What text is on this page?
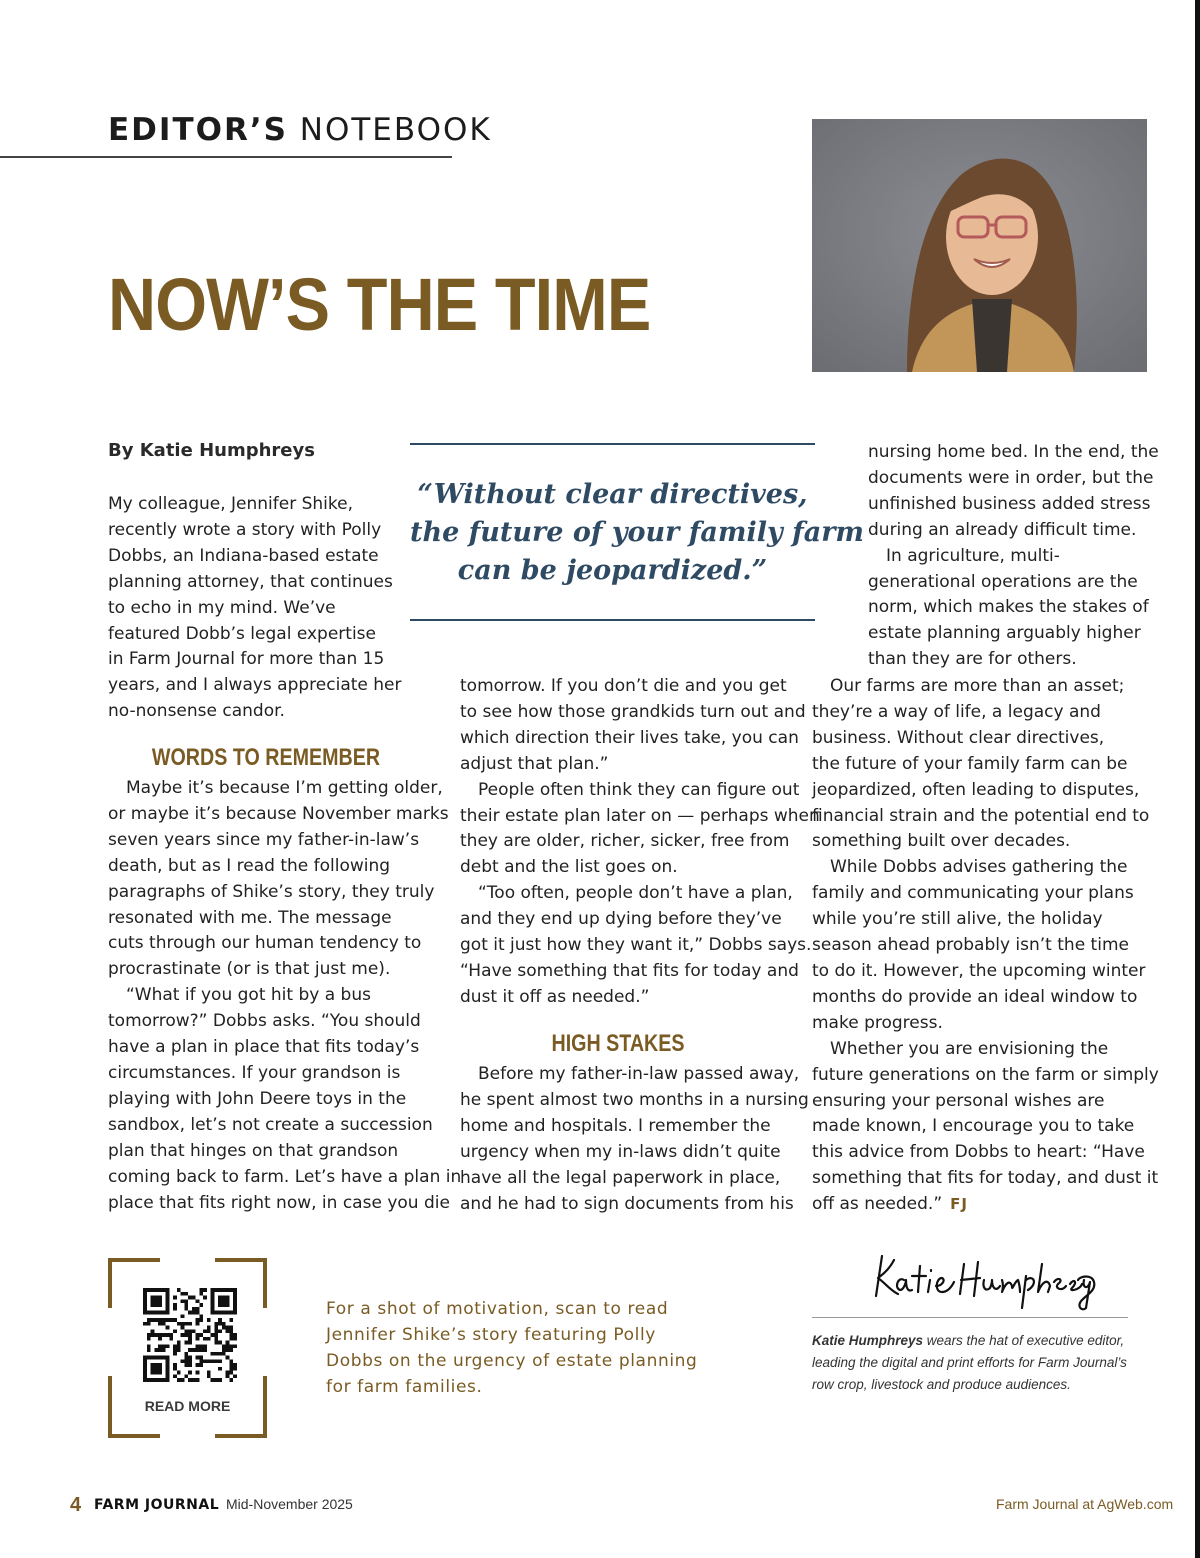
EDITOR’S NOTEBOOK
NOW’S THE TIME
By Katie Humphreys

My colleague, Jennifer Shike,

recently wrote a story with Polly

Dobbs, an Indiana-based estate

planning attorney, that continues

to echo in my mind. We’ve

featured Dobb’s legal expertise

in Farm Journal for more than 15

years, and I always appreciate her

no-nonsense candor.

WORDS TO REMEMBER

Maybe it’s because I’m getting older,

or maybe it’s because November marks

seven years since my father-in-law’s

death, but as I read the following

paragraphs of Shike’s story, they truly

resonated with me. The message

cuts through our human tendency to

procrastinate (or is that just me).

“What if you got hit by a bus

tomorrow?” Dobbs asks. “You should

have a plan in place that fits today’s

circumstances. If your grandson is

playing with John Deere toys in the

sandbox, let’s not create a succession

plan that hinges on that grandson

coming back to farm. Let’s have a plan in

place that fits right now, in case you die

“Without clear directives,
the future of your family farm
can be jeopardized.”

tomorrow. If you don’t die and you get

to see how those grandkids turn out and

which direction their lives take, you can

adjust that plan.”

People often think they can figure out

their estate plan later on — perhaps when

they are older, richer, sicker, free from

debt and the list goes on.

“Too often, people don’t have a plan,

and they end up dying before they’ve

got it just how they want it,” Dobbs says.

“Have something that fits for today and

dust it off as needed.”

HIGH STAKES

Before my father-in-law passed away,

he spent almost two months in a nursing

home and hospitals. I remember the

urgency when my in-laws didn’t quite

have all the legal paperwork in place,

and he had to sign documents from his

nursing home bed. In the end, the

documents were in order, but the

unfinished business added stress

during an already difficult time.

In agriculture, multi-

generational operations are the

norm, which makes the stakes of

estate planning arguably higher

than they are for others.

Our farms are more than an asset;

they’re a way of life, a legacy and

business. Without clear directives,

the future of your family farm can be

jeopardized, often leading to disputes,

financial strain and the potential end to

something built over decades.

While Dobbs advises gathering the

family and communicating your plans

while you’re still alive, the holiday

season ahead probably isn’t the time

to do it. However, the upcoming winter

months do provide an ideal window to

make progress.

Whether you are envisioning the

future generations on the farm or simply

ensuring your personal wishes are

made known, I encourage you to take

this advice from Dobbs to heart: “Have

something that fits for today, and dust it

off as needed.” FJ

READ MORE
For a shot of motivation, scan to read
Jennifer Shike’s story featuring Polly
Dobbs on the urgency of estate planning
for farm families.
Katie Humphreys wears the hat of executive editor,
leading the digital and print efforts for Farm Journal’s
row crop, livestock and produce audiences.
4 FARM JOURNAL Mid-November 2025	Farm Journal at AgWeb.com
